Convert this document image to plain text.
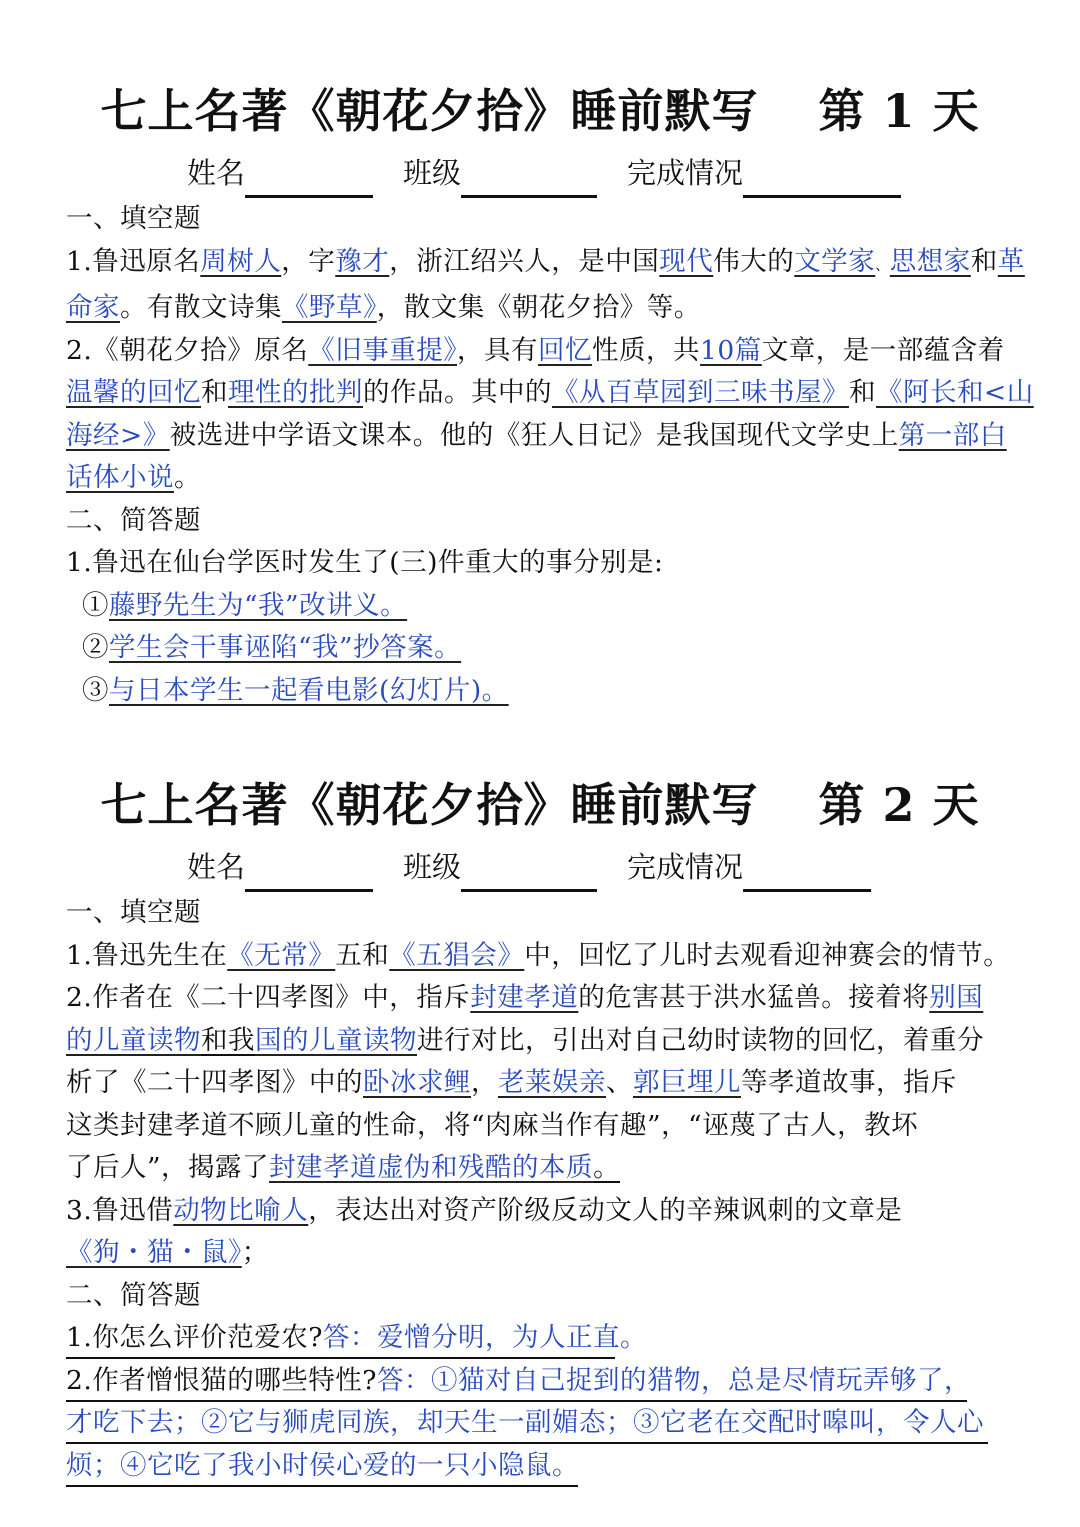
七上名著《朝花夕拾》睡前默写 第 1 天
姓名	班级	完成情况
一、填空题
1.鲁迅原名周树人，字豫才，浙江绍兴人，是中国现代伟大的文学家、思想家和革
命家。有散文诗集《野草》，散文集《朝花夕拾》等。
2.《朝花夕拾》原名《旧事重提》，具有回忆性质，共10篇文章，是一部蕴含着
温馨的回忆和理性的批判的作品。其中的《从百草园到三味书屋》和《阿长和<山
海经>》被选进中学语文课本。他的《狂人日记》是我国现代文学史上第一部白
话体小说。
二、简答题
1.鲁迅在仙台学医时发生了(三)件重大的事分别是:
①藤野先生为“我”改讲义。
②学生会干事诬陷“我”抄答案。
③与日本学生一起看电影(幻灯片)。
七上名著《朝花夕拾》睡前默写 第 2 天
姓名	班级	完成情况
一、填空题
1.鲁迅先生在《无常》五和《五猖会》中，回忆了儿时去观看迎神赛会的情节。
2.作者在《二十四孝图》中，指斥封建孝道的危害甚于洪水猛兽。接着将别国
的儿童读物和我国的儿童读物进行对比，引出对自己幼时读物的回忆，着重分
析了《二十四孝图》中的卧冰求鲤，老莱娱亲、郭巨埋儿等孝道故事，指斥
这类封建孝道不顾儿童的性命，将“肉麻当作有趣”，“诬蔑了古人，教坏
了后人”，揭露了封建孝道虚伪和残酷的本质。
3.鲁迅借动物比喻人，表达出对资产阶级反动文人的辛辣讽刺的文章是
《狗・猫・鼠》；
二、简答题
1.你怎么评价范爱农?答：爱憎分明，为人正直。
2.作者憎恨猫的哪些特性?答：①猫对自己捉到的猎物，总是尽情玩弄够了，
才吃下去；②它与狮虎同族，却天生一副媚态；③它老在交配时嗥叫，令人心
烦；④它吃了我小时侯心爱的一只小隐鼠。
